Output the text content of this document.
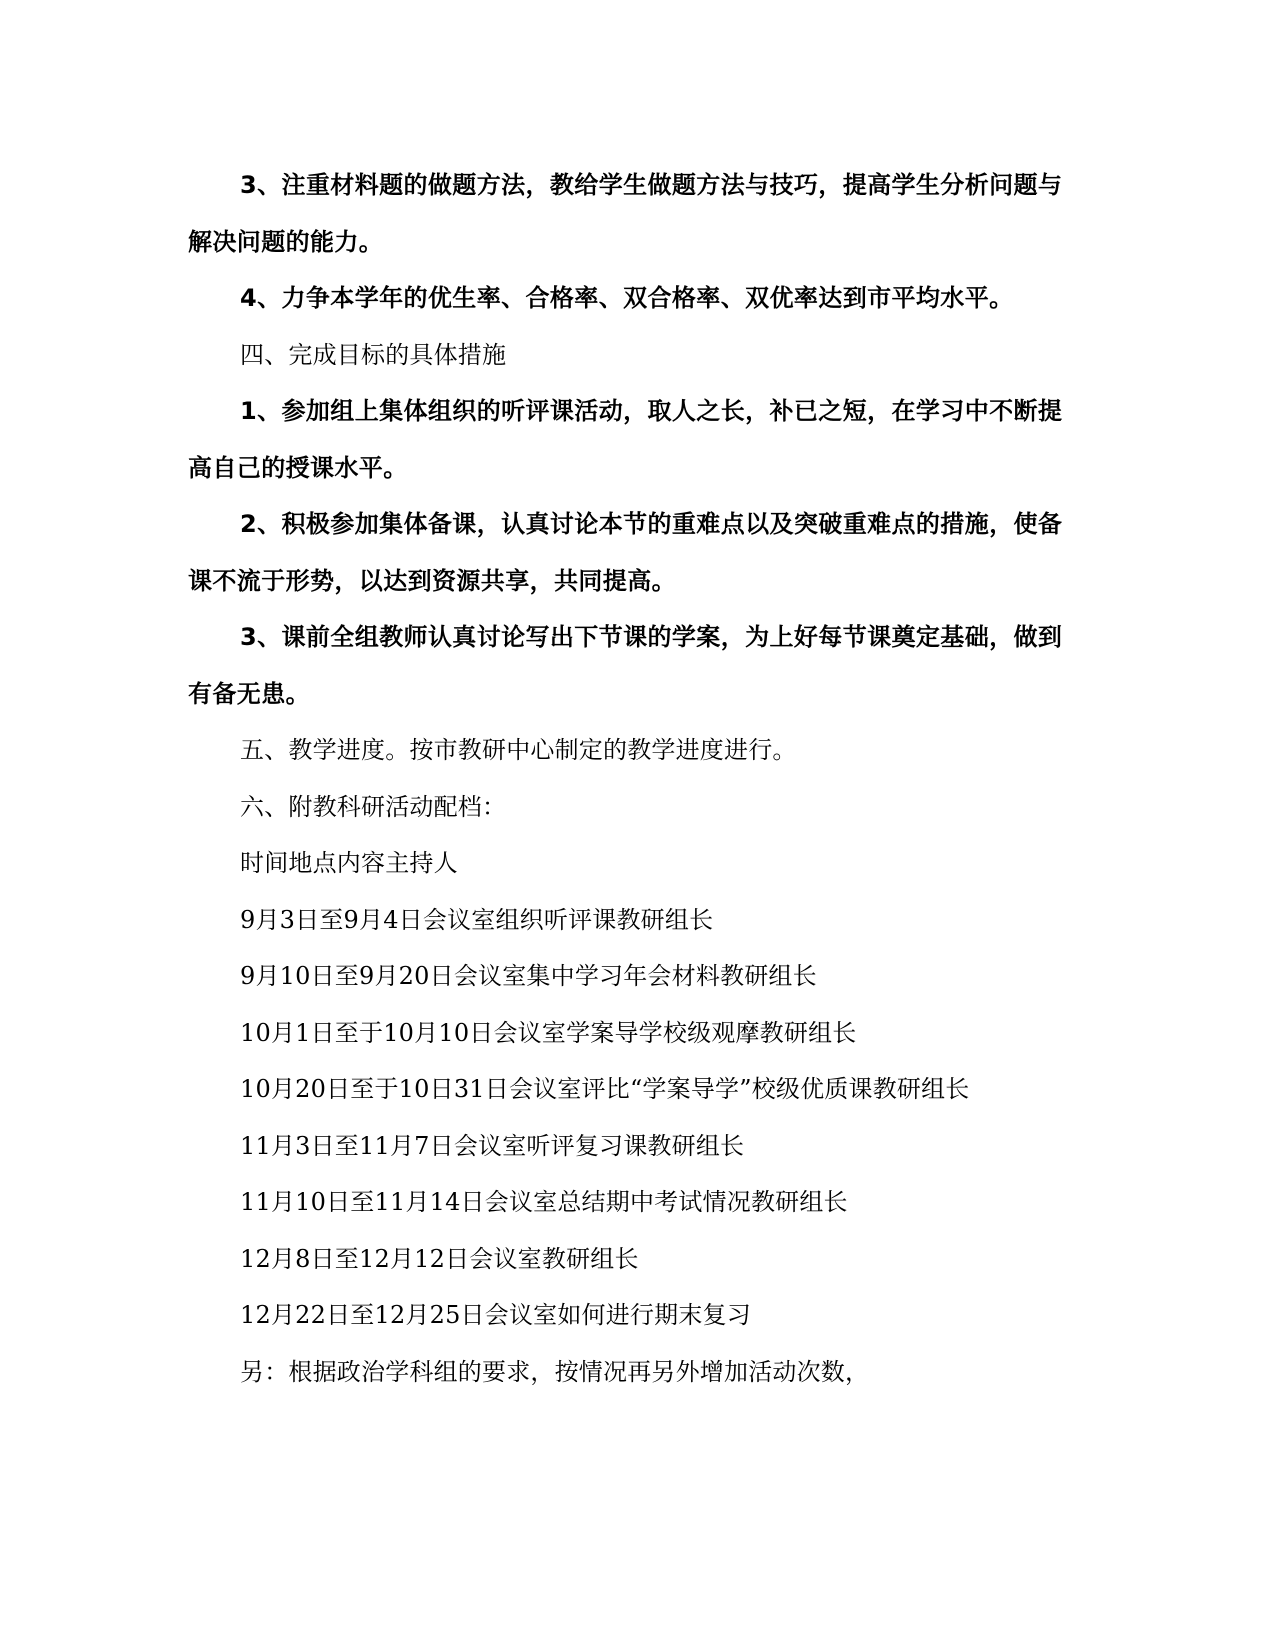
3、注重材料题的做题方法，教给学生做题方法与技巧，提高学生分析问题与
解决问题的能力。
4、力争本学年的优生率、合格率、双合格率、双优率达到市平均水平。
四、完成目标的具体措施
1、参加组上集体组织的听评课活动，取人之长，补已之短，在学习中不断提
高自己的授课水平。
2、积极参加集体备课，认真讨论本节的重难点以及突破重难点的措施，使备
课不流于形势，以达到资源共享，共同提高。
3、课前全组教师认真讨论写出下节课的学案，为上好每节课奠定基础，做到
有备无患。
五、教学进度。按市教研中心制定的教学进度进行。
六、附教科研活动配档：
时间地点内容主持人
9月3日至9月4日会议室组织听评课教研组长
9月10日至9月20日会议室集中学习年会材料教研组长
10月1日至于10月10日会议室学案导学校级观摩教研组长
10月20日至于10日31日会议室评比“学案导学”校级优质课教研组长
11月3日至11月7日会议室听评复习课教研组长
11月10日至11月14日会议室总结期中考试情况教研组长
12月8日至12月12日会议室教研组长
12月22日至12月25日会议室如何进行期末复习
另：根据政治学科组的要求，按情况再另外增加活动次数，
